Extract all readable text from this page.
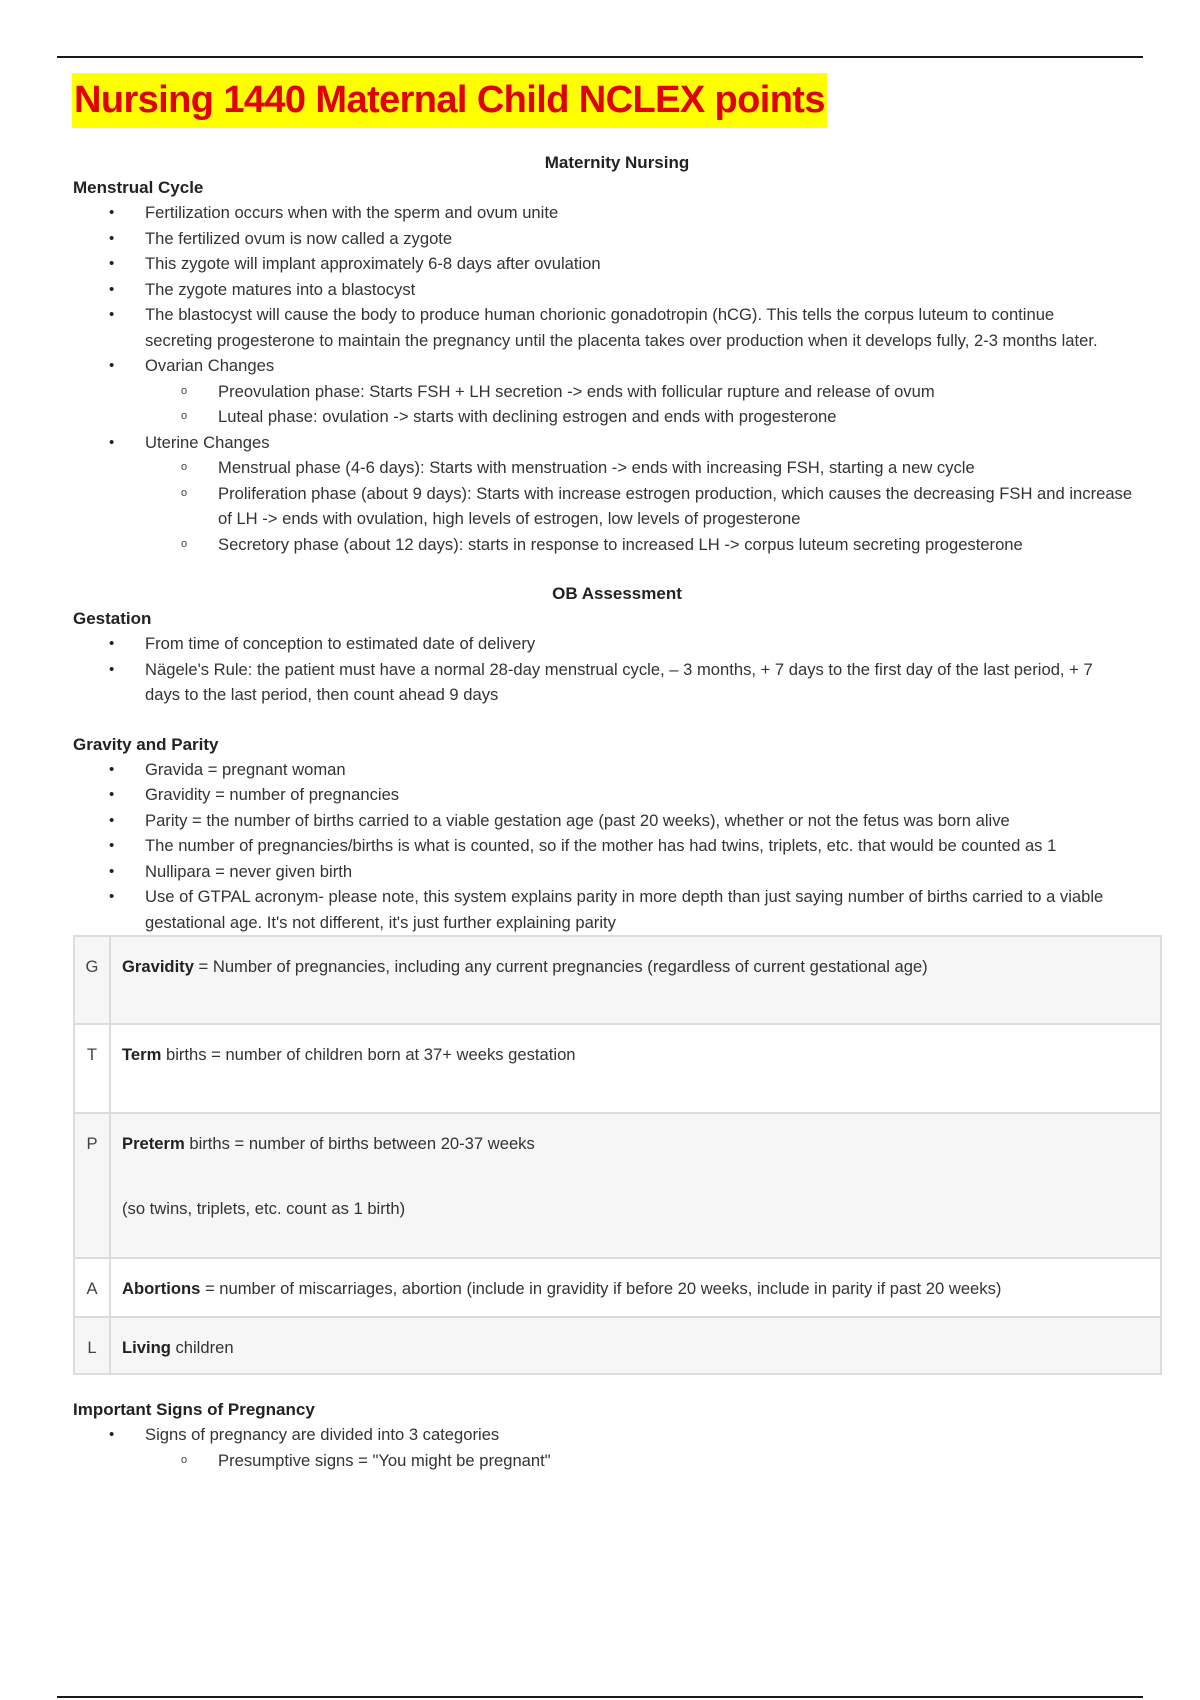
Nursing 1440 Maternal Child NCLEX points
Maternity Nursing
Menstrual Cycle
• Fertilization occurs when with the sperm and ovum unite
• The fertilized ovum is now called a zygote
• This zygote will implant approximately 6-8 days after ovulation
• The zygote matures into a blastocyst
• The blastocyst will cause the body to produce human chorionic gonadotropin (hCG). This tells the corpus luteum to continue secreting progesterone to maintain the pregnancy until the placenta takes over production when it develops fully, 2-3 months later.
• Ovarian Changes
o Preovulation phase: Starts FSH + LH secretion -> ends with follicular rupture and release of ovum
o Luteal phase: ovulation -> starts with declining estrogen and ends with progesterone
• Uterine Changes
o Menstrual phase (4-6 days): Starts with menstruation -> ends with increasing FSH, starting a new cycle
o Proliferation phase (about 9 days): Starts with increase estrogen production, which causes the decreasing FSH and increase of LH -> ends with ovulation, high levels of estrogen, low levels of progesterone
o Secretory phase (about 12 days): starts in response to increased LH -> corpus luteum secreting progesterone
OB Assessment
Gestation
• From time of conception to estimated date of delivery
• Nägele's Rule: the patient must have a normal 28-day menstrual cycle, – 3 months, + 7 days to the first day of the last period, + 7 days to the last period, then count ahead 9 days
Gravity and Parity
• Gravida = pregnant woman
• Gravidity = number of pregnancies
• Parity = the number of births carried to a viable gestation age (past 20 weeks), whether or not the fetus was born alive
• The number of pregnancies/births is what is counted, so if the mother has had twins, triplets, etc. that would be counted as 1
• Nullipara = never given birth
• Use of GTPAL acronym- please note, this system explains parity in more depth than just saying number of births carried to a viable gestational age. It's not different, it's just further explaining parity
G	Gravidity = Number of pregnancies, including any current pregnancies (regardless of current gestational age)
T	Term births = number of children born at 37+ weeks gestation
P	Preterm births = number of births between 20-37 weeks
(so twins, triplets, etc. count as 1 birth)

A	Abortions = number of miscarriages, abortion (include in gravidity if before 20 weeks, include in parity if past 20 weeks)
L	Living children
Important Signs of Pregnancy
• Signs of pregnancy are divided into 3 categories
o Presumptive signs = "You might be pregnant"
